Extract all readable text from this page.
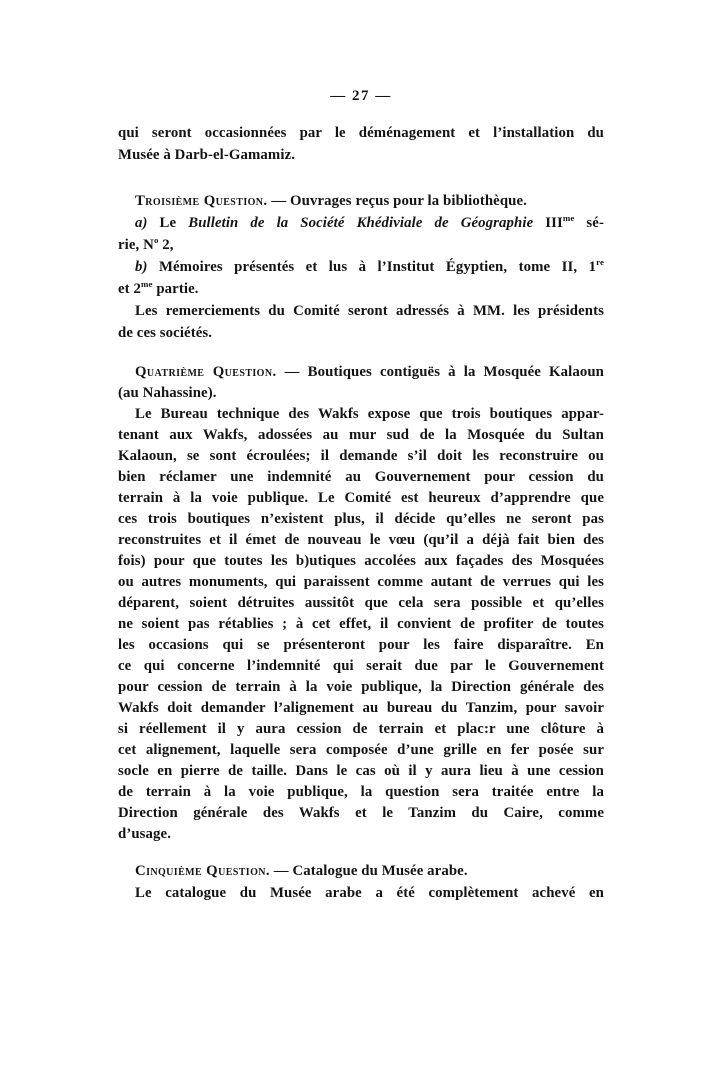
— 27 —
qui seront occasionnées par le déménagement et l’installation du
Musée à Darb-el-Gamamiz.
Troisième Question. — Ouvrages reçus pour la bibliothèque.
a) Le Bulletin de la Société Khédiviale de Géographie $III^{me}$ sé-
rie, $N^o$ 2,
b) Mémoires présentés et lus à l’Institut Égyptien, tome II, 1re
et $2^{me}$ partie.
Les remerciements du Comité seront adressés à MM. les présidents
de ces sociétés.
Quatrième Question. — Boutiques contiguës à la Mosquée Kalaoun
(au Nahassine).
Le Bureau technique des Wakfs expose que trois boutiques appar-
tenant aux Wakfs, adossées au mur sud de la Mosquée du Sultan
Kalaoun, se sont écroulées; il demande s’il doit les reconstruire ou
bien réclamer une indemnité au Gouvernement pour cession du
terrain à la voie publique. Le Comité est heureux d’apprendre que
ces trois boutiques n’existent plus, il décide qu’elles ne seront pas
reconstruites et il émet de nouveau le vœu (qu’il a déjà fait bien des
fois) pour que toutes les b)utiques accolées aux façades des Mosquées
ou autres monuments, qui paraissent comme autant de verrues qui les
déparent, soient détruites aussitôt que cela sera possible et qu’elles
ne soient pas rétablies ; à cet effet, il convient de profiter de toutes
les occasions qui se présenteront pour les faire disparaître. En
ce qui concerne l’indemnité qui serait due par le Gouvernement
pour cession de terrain à la voie publique, la Direction générale des
Wakfs doit demander l’alignement au bureau du Tanzim, pour savoir
si réellement il y aura cession de terrain et plac:r une clôture à
cet alignement, laquelle sera composée d’une grille en fer posée sur
socle en pierre de taille. Dans le cas où il y aura lieu à une cession
de terrain à la voie publique, la question sera traitée entre la
Direction générale des Wakfs et le Tanzim du Caire, comme
d’usage.
Cinquième Question. — Catalogue du Musée arabe.
Le catalogue du Musée arabe a été complètement achevé en
